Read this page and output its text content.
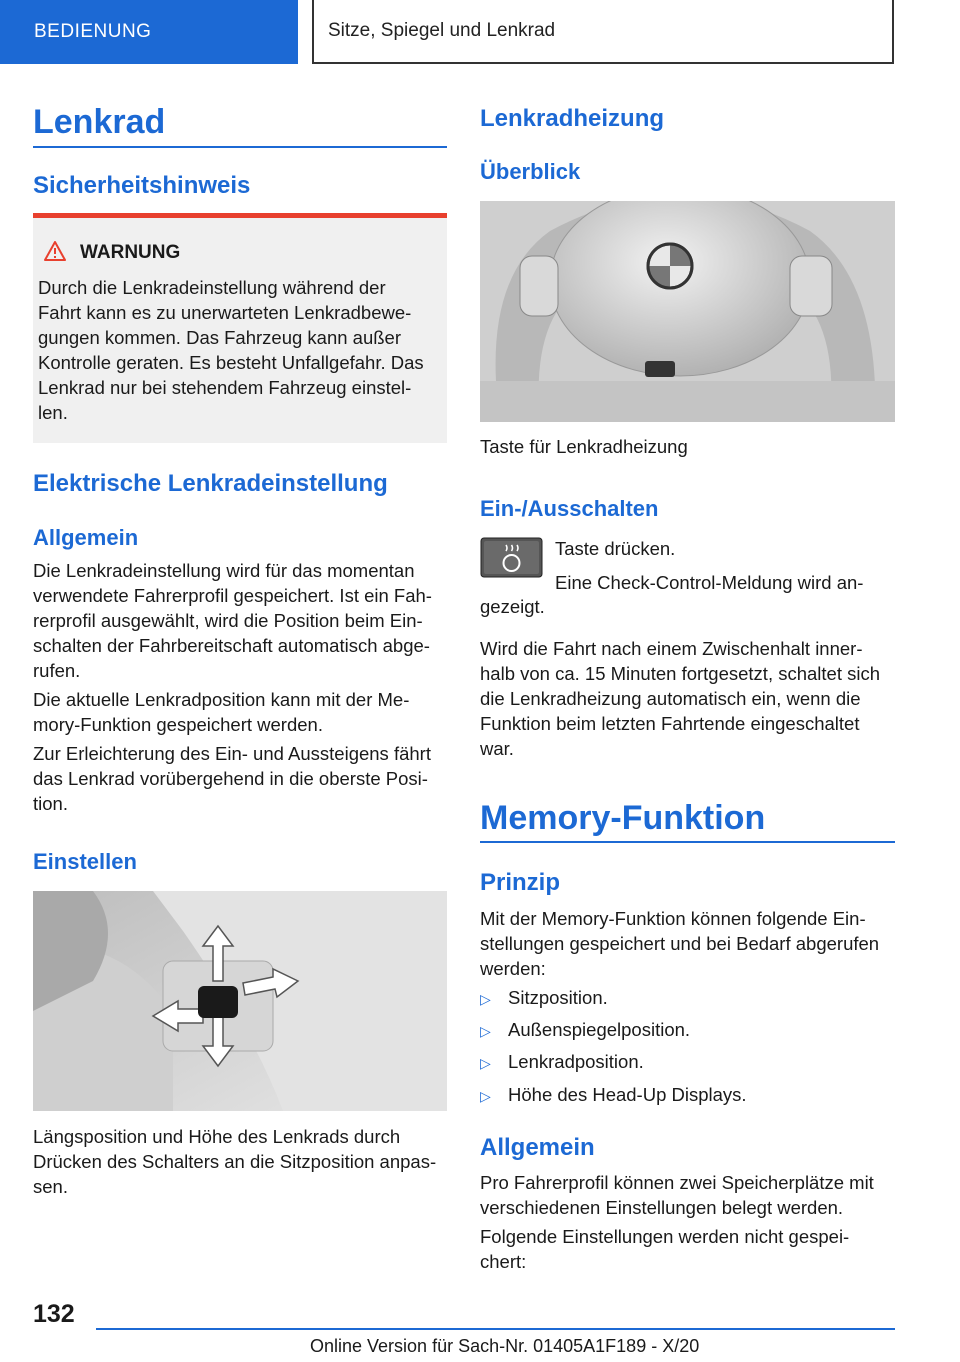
BEDIENUNG	Sitze, Spiegel und Lenkrad
Lenkrad
Sicherheitshinweis
WARNUNG
Durch die Lenkradeinstellung während der
Fahrt kann es zu unerwarteten Lenkradbewe-
gungen kommen. Das Fahrzeug kann außer
Kontrolle geraten. Es besteht Unfallgefahr. Das
Lenkrad nur bei stehendem Fahrzeug einstel-
len.
Elektrische Lenkradeinstellung
Allgemein
Die Lenkradeinstellung wird für das momentan
verwendete Fahrerprofil gespeichert. Ist ein Fah-
rerprofil ausgewählt, wird die Position beim Ein-
schalten der Fahrbereitschaft automatisch abge-
rufen.
Die aktuelle Lenkradposition kann mit der Me-
mory-Funktion gespeichert werden.
Zur Erleichterung des Ein- und Aussteigens fährt
das Lenkrad vorübergehend in die oberste Posi-
tion.
Einstellen
Längsposition und Höhe des Lenkrads durch
Drücken des Schalters an die Sitzposition anpas-
sen.
Lenkradheizung
Überblick
Taste für Lenkradheizung
Ein-/Ausschalten
Taste drücken.
Eine Check-Control-Meldung wird an-
gezeigt.
Wird die Fahrt nach einem Zwischenhalt inner-
halb von ca. 15 Minuten fortgesetzt, schaltet sich
die Lenkradheizung automatisch ein, wenn die
Funktion beim letzten Fahrtende eingeschaltet
war.
Memory-Funktion
Prinzip
Mit der Memory-Funktion können folgende Ein-
stellungen gespeichert und bei Bedarf abgerufen
werden:
▷ Sitzposition.
▷ Außenspiegelposition.
▷ Lenkradposition.
▷ Höhe des Head-Up Displays.
Allgemein
Pro Fahrerprofil können zwei Speicherplätze mit
verschiedenen Einstellungen belegt werden.
Folgende Einstellungen werden nicht gespei-
chert:
132
Online Version für Sach-Nr. 01405A1F189 - X/20
